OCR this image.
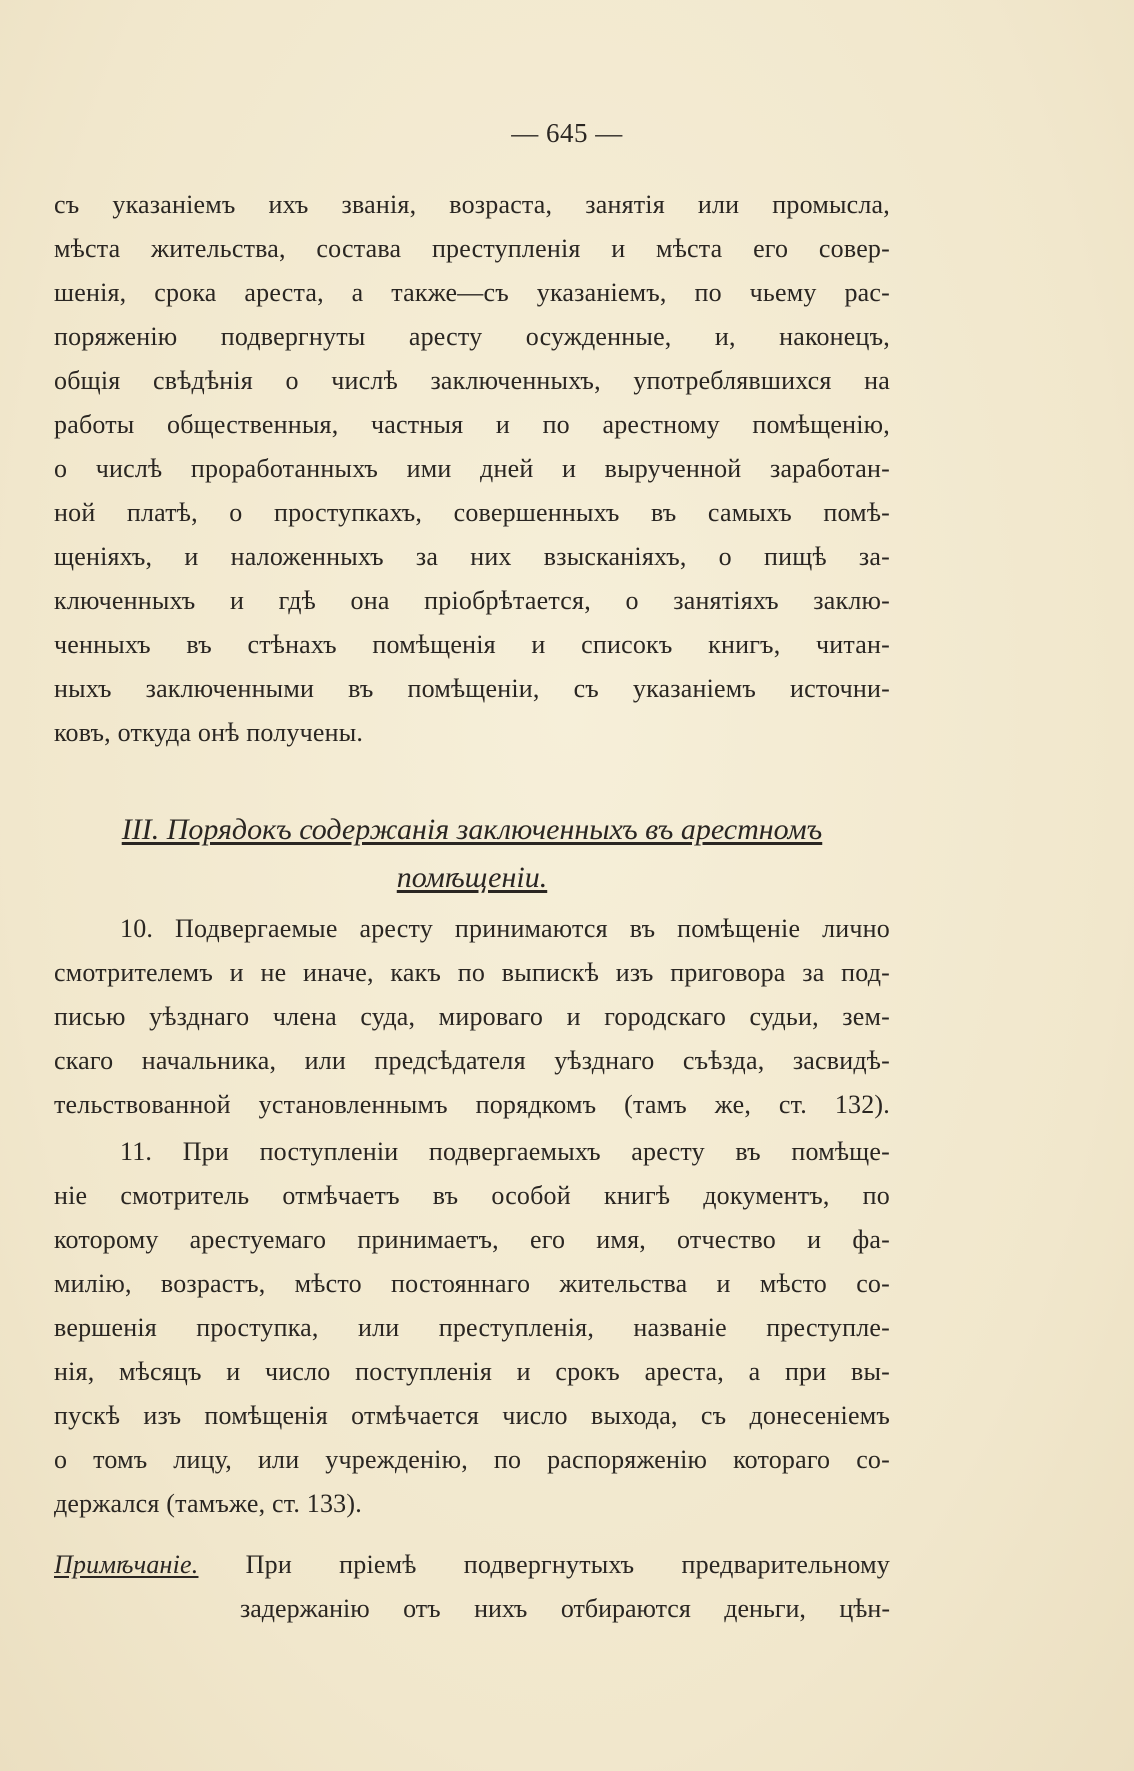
— 645 —
съ указаніемъ ихъ званія, возраста, занятія или промысла,
мѣста жительства, состава преступленія и мѣста его совер-
шенія, срока ареста, а также—съ указаніемъ, по чьему рас-
поряженію подвергнуты аресту осужденные, и, наконецъ,
общія свѣдѣнія о числѣ заключенныхъ, употреблявшихся на
работы общественныя, частныя и по арестному помѣщенію,
о числѣ проработанныхъ ими дней и вырученной заработан-
ной платѣ, о проступкахъ, совершенныхъ въ самыхъ помѣ-
щеніяхъ, и наложенныхъ за них взысканіяхъ, о пищѣ за-
ключенныхъ и гдѣ она пріобрѣтается, о занятіяхъ заклю-
ченныхъ въ стѣнахъ помѣщенія и списокъ книгъ, читан-
ныхъ заключенными въ помѣщеніи, съ указаніемъ источни-
ковъ, откуда онѣ получены.
III. Порядокъ содержанія заключенныхъ въ арестномъ
помѣщеніи.
10. Подвергаемые аресту принимаются въ помѣщеніе лично
смотрителемъ и не иначе, какъ по выпискѣ изъ приговора за под-
писью уѣзднаго члена суда, мироваго и городскаго судьи, зем-
скаго начальника, или предсѣдателя уѣзднаго съѣзда, засвидѣ-
тельствованной установленнымъ порядкомъ (тамъ же, ст. 132).
11. При поступленіи подвергаемыхъ аресту въ помѣще-
ніе смотритель отмѣчаетъ въ особой книгѣ документъ, по
которому арестуемаго принимаетъ, его имя, отчество и фа-
милію, возрастъ, мѣсто постояннаго жительства и мѣсто со-
вершенія проступка, или преступленія, названіе преступле-
нія, мѣсяцъ и число поступленія и срокъ ареста, а при вы-
пускѣ изъ помѣщенія отмѣчается число выхода, съ донесеніемъ
о томъ лицу, или учрежденію, по распоряженію котораго со-
держался (тамъже, ст. 133).
Примѣчаніе. При пріемѣ подвергнутыхъ предварительному
задержанію отъ нихъ отбираются деньги, цѣн-
